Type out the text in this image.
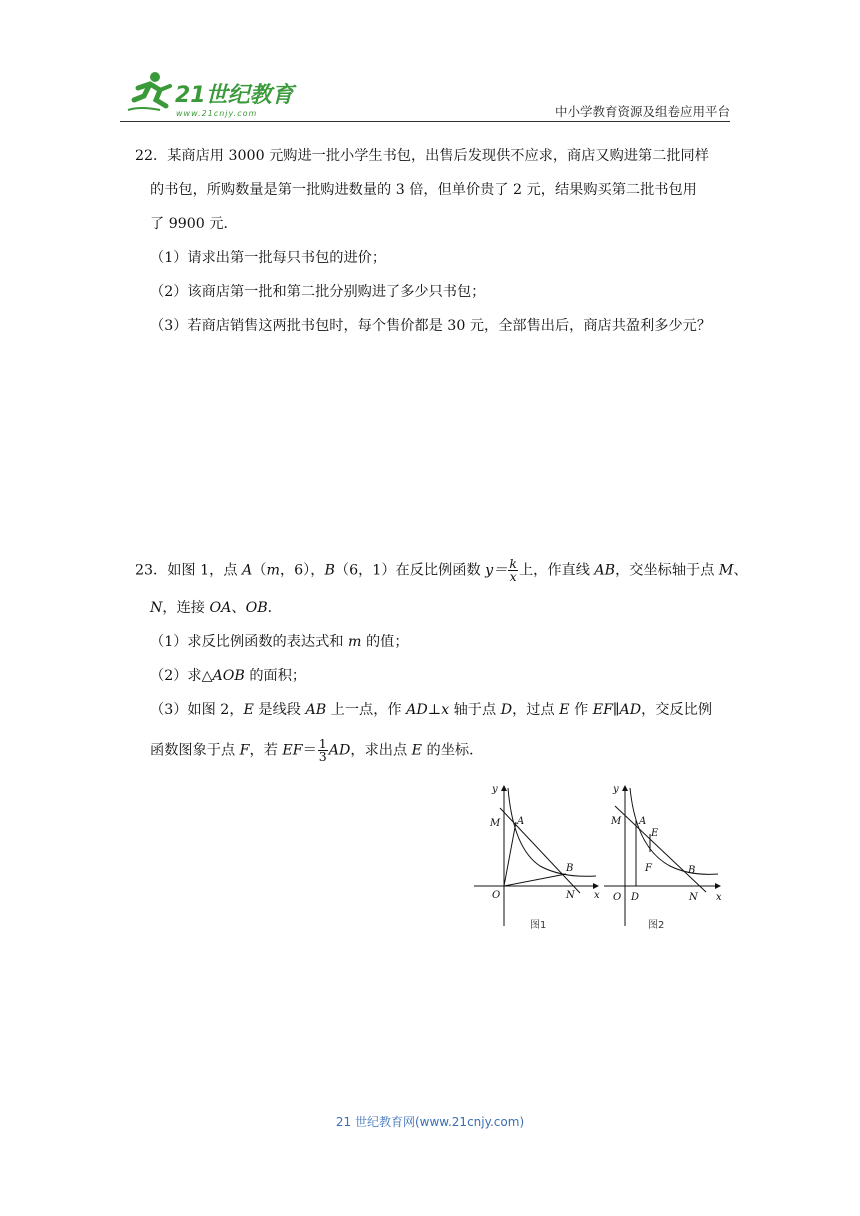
21世纪教育
www.21cnjy.com	中小学教育资源及组卷应用平台
22．某商店用 3000 元购进一批小学生书包，出售后发现供不应求，商店又购进第二批同样
的书包，所购数量是第一批购进数量的 3 倍，但单价贵了 2 元，结果购买第二批书包用
了 9900 元．
（1）请求出第一批每只书包的进价；
（2）该商店第一批和第二批分别购进了多少只书包；
（3）若商店销售这两批书包时，每个售价都是 30 元，全部售出后，商店共盈利多少元？
23．如图 1，点 A（m，6），B（6，1）在反比例函数 $y= \frac{k}{x}$ 上，作直线 AB，交坐标轴于点 M、
N，连接 OA、OB．
（1）求反比例函数的表达式和 m 的值；
（2）求△AOB 的面积；
（3）如图 2，E 是线段 AB 上一点，作 AD⊥x 轴于点 D，过点 E 作 EF∥AD，交反比例
函数图象于点 F，若 $EF= \frac{1}{3}$ AD，求出点 E 的坐标．
y
M A
B
O	N x
y
M A
E
F	B
O D	N x
图1	图2
21 世纪教育网(www.21cnjy.com)
